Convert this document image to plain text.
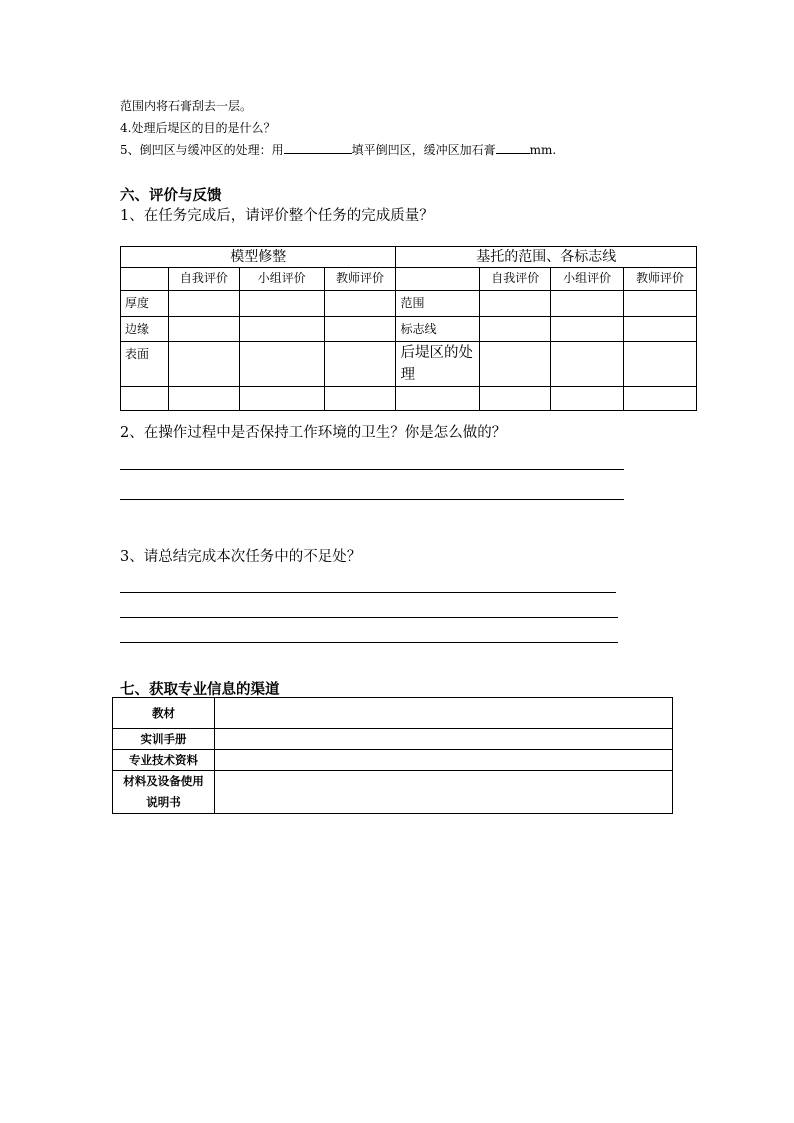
范围内将石膏刮去一层。
4.处理后堤区的目的是什么？
5、倒凹区与缓冲区的处理：用	填平倒凹区，缓冲区加石膏	mm.
六、评价与反馈
1、在任务完成后，请评价整个任务的完成质量？
模型修整				基托的范围、各标志线			
	自我评价	小组评价	教师评价		自我评价	小组评价	教师评价
厚度				范围			
边缘				标志线			
表面				后堤区的处理			

2、在操作过程中是否保持工作环境的卫生？你是怎么做的？
3、请总结完成本次任务中的不足处？
七、获取专业信息的渠道
教材	
实训手册	
专业技术资料	
材料及设备使用说明书	
